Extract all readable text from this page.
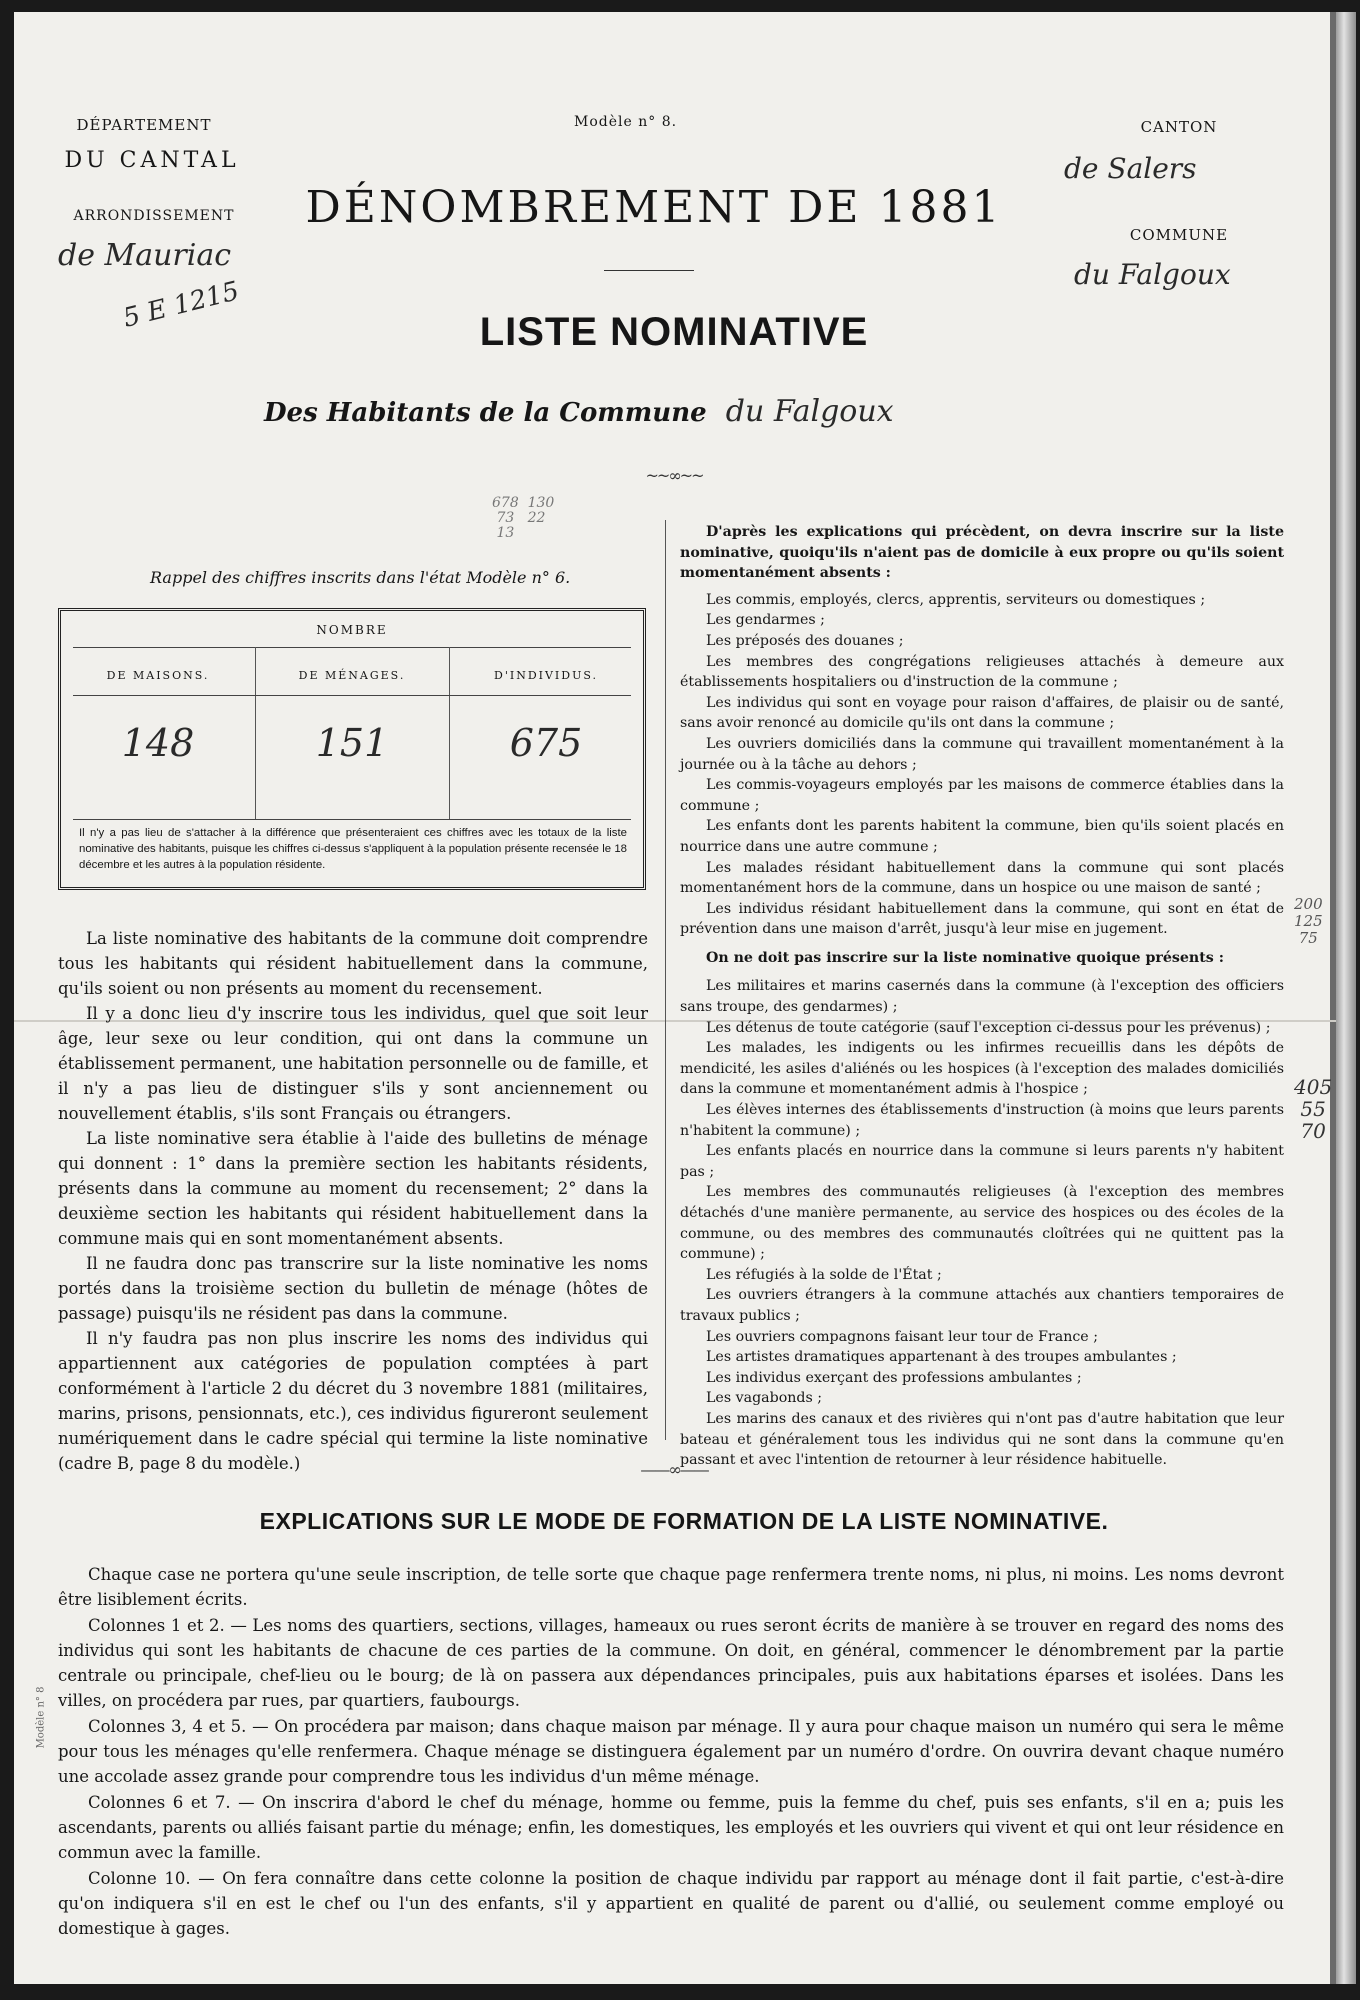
DÉPARTEMENT
DU CANTAL
ARRONDISSEMENT
de Mauriac
5 E 1215
Modèle n° 8.
DÉNOMBREMENT DE 1881
LISTE NOMINATIVE
Des Habitants de la Commune du Falgoux
~~∞~~
CANTON
de Salers
COMMUNE
du Falgoux
678  130
73   22
13
Rappel des chiffres inscrits dans l'état Modèle n° 6.
NOMBRE
DE MAISONS.	DE MÉNAGES.	D'INDIVIDUS.
148	151	675
Il n'y a pas lieu de s'attacher à la différence que présenteraient ces chiffres avec les totaux de la liste nominative des habitants, puisque les chiffres ci-dessus s'appliquent à la population présente recensée le 18 décembre et les autres à la population résidente.

La liste nominative des habitants de la commune doit comprendre tous les habitants qui résident habituellement dans la commune, qu'ils soient ou non présents au moment du recensement.

Il y a donc lieu d'y inscrire tous les individus, quel que soit leur âge, leur sexe ou leur condition, qui ont dans la commune un établissement permanent, une habitation personnelle ou de famille, et il n'y a pas lieu de distinguer s'ils y sont anciennement ou nouvellement établis, s'ils sont Français ou étrangers.

La liste nominative sera établie à l'aide des bulletins de ménage qui donnent : 1° dans la première section les habitants résidents, présents dans la commune au moment du recensement; 2° dans la deuxième section les habitants qui résident habituellement dans la commune mais qui en sont momentanément absents.

Il ne faudra donc pas transcrire sur la liste nominative les noms portés dans la troisième section du bulletin de ménage (hôtes de passage) puisqu'ils ne résident pas dans la commune.

Il n'y faudra pas non plus inscrire les noms des individus qui appartiennent aux catégories de population comptées à part conformément à l'article 2 du décret du 3 novembre 1881 (militaires, marins, prisons, pensionnats, etc.), ces individus figureront seulement numériquement dans le cadre spécial qui termine la liste nominative (cadre B, page 8 du modèle.)

D'après les explications qui précèdent, on devra inscrire sur la liste nominative, quoiqu'ils n'aient pas de domicile à eux propre ou qu'ils soient momentanément absents :

Les commis, employés, clercs, apprentis, serviteurs ou domestiques ;

Les gendarmes ;

Les préposés des douanes ;

Les membres des congrégations religieuses attachés à demeure aux établissements hospitaliers ou d'instruction de la commune ;

Les individus qui sont en voyage pour raison d'affaires, de plaisir ou de santé, sans avoir renoncé au domicile qu'ils ont dans la commune ;

Les ouvriers domiciliés dans la commune qui travaillent momentanément à la journée ou à la tâche au dehors ;

Les commis-voyageurs employés par les maisons de commerce établies dans la commune ;

Les enfants dont les parents habitent la commune, bien qu'ils soient placés en nourrice dans une autre commune ;

Les malades résidant habituellement dans la commune qui sont placés momentanément hors de la commune, dans un hospice ou une maison de santé ;

Les individus résidant habituellement dans la commune, qui sont en état de prévention dans une maison d'arrêt, jusqu'à leur mise en jugement.

On ne doit pas inscrire sur la liste nominative quoique présents :

Les militaires et marins casernés dans la commune (à l'exception des officiers sans troupe, des gendarmes) ;

Les détenus de toute catégorie (sauf l'exception ci-dessus pour les prévenus) ;

Les malades, les indigents ou les infirmes recueillis dans les dépôts de mendicité, les asiles d'aliénés ou les hospices (à l'exception des malades domiciliés dans la commune et momentanément admis à l'hospice ;

Les élèves internes des établissements d'instruction (à moins que leurs parents n'habitent la commune) ;

Les enfants placés en nourrice dans la commune si leurs parents n'y habitent pas ;

Les membres des communautés religieuses (à l'exception des membres détachés d'une manière permanente, au service des hospices ou des écoles de la commune, ou des membres des communautés cloîtrées qui ne quittent pas la commune) ;

Les réfugiés à la solde de l'État ;

Les ouvriers étrangers à la commune attachés aux chantiers temporaires de travaux publics ;

Les ouvriers compagnons faisant leur tour de France ;

Les artistes dramatiques appartenant à des troupes ambulantes ;

Les individus exerçant des professions ambulantes ;

Les vagabonds ;

Les marins des canaux et des rivières qui n'ont pas d'autre habitation que leur bateau et généralement tous les individus qui ne sont dans la commune qu'en passant et avec l'intention de retourner à leur résidence habituelle.

200
125
75
405
55
70
Modèle n° 8
——∞——
EXPLICATIONS SUR LE MODE DE FORMATION DE LA LISTE NOMINATIVE.

Chaque case ne portera qu'une seule inscription, de telle sorte que chaque page renfermera trente noms, ni plus, ni moins. Les noms devront être lisiblement écrits.

Colonnes 1 et 2. — Les noms des quartiers, sections, villages, hameaux ou rues seront écrits de manière à se trouver en regard des noms des individus qui sont les habitants de chacune de ces parties de la commune. On doit, en général, commencer le dénombrement par la partie centrale ou principale, chef-lieu ou le bourg; de là on passera aux dépendances principales, puis aux habitations éparses et isolées. Dans les villes, on procédera par rues, par quartiers, faubourgs.

Colonnes 3, 4 et 5. — On procédera par maison; dans chaque maison par ménage. Il y aura pour chaque maison un numéro qui sera le même pour tous les ménages qu'elle renfermera. Chaque ménage se distinguera également par un numéro d'ordre. On ouvrira devant chaque numéro une accolade assez grande pour comprendre tous les individus d'un même ménage.

Colonnes 6 et 7. — On inscrira d'abord le chef du ménage, homme ou femme, puis la femme du chef, puis ses enfants, s'il en a; puis les ascendants, parents ou alliés faisant partie du ménage; enfin, les domestiques, les employés et les ouvriers qui vivent et qui ont leur résidence en commun avec la famille.

Colonne 10. — On fera connaître dans cette colonne la position de chaque individu par rapport au ménage dont il fait partie, c'est-à-dire qu'on indiquera s'il en est le chef ou l'un des enfants, s'il y appartient en qualité de parent ou d'allié, ou seulement comme employé ou domestique à gages.
